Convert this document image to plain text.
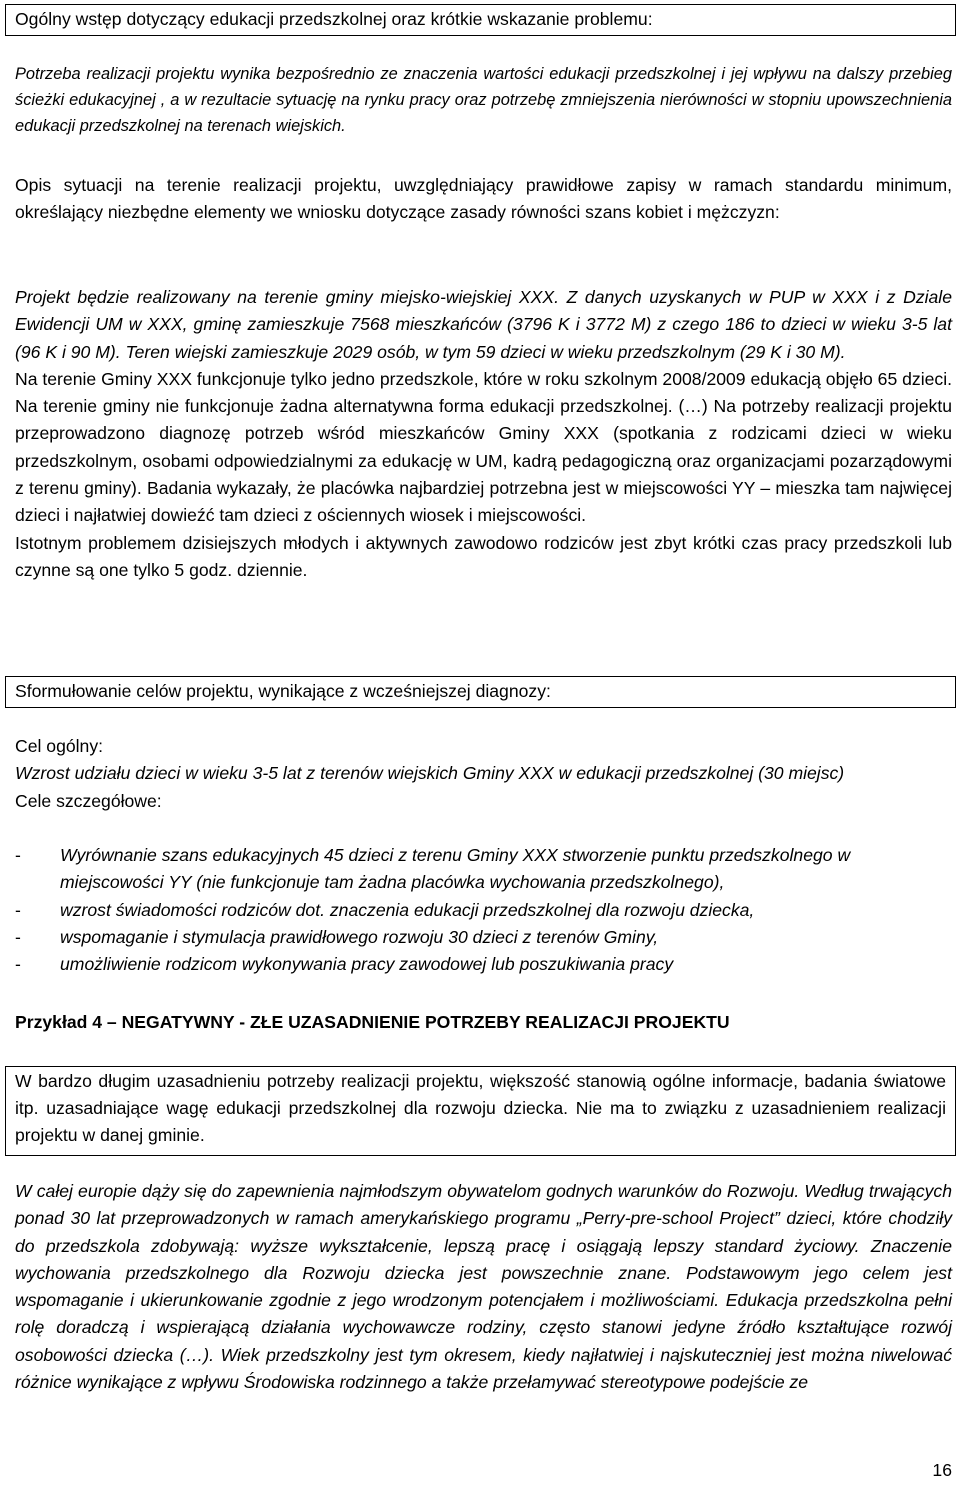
Ogólny wstęp dotyczący edukacji przedszkolnej oraz krótkie wskazanie problemu:

Potrzeba realizacji projektu wynika bezpośrednio ze znaczenia wartości edukacji przedszkolnej i jej wpływu na dalszy przebieg ścieżki edukacyjnej , a w rezultacie sytuację na rynku pracy oraz potrzebę zmniejszenia nierówności w stopniu upowszechnienia edukacji przedszkolnej na terenach wiejskich.

Opis sytuacji na terenie realizacji projektu, uwzględniający prawidłowe zapisy w ramach standardu minimum, określający niezbędne elementy we wniosku dotyczące zasady równości szans kobiet i mężczyzn:

Projekt będzie realizowany na terenie gminy miejsko-wiejskiej XXX. Z danych uzyskanych w PUP w XXX i z Dziale Ewidencji UM w XXX, gminę zamieszkuje 7568 mieszkańców (3796 K i 3772 M) z czego 186 to dzieci w wieku 3-5 lat (96 K i 90 M). Teren wiejski zamieszkuje 2029 osób, w tym 59 dzieci w wieku przedszkolnym (29 K i 30 M).
Na terenie Gminy XXX funkcjonuje tylko jedno przedszkole, które w roku szkolnym 2008/2009 edukacją objęło 65 dzieci. Na terenie gminy nie funkcjonuje żadna alternatywna forma edukacji przedszkolnej. (…) Na potrzeby realizacji projektu przeprowadzono diagnozę potrzeb wśród mieszkańców Gminy XXX (spotkania z rodzicami dzieci w wieku przedszkolnym, osobami odpowiedzialnymi za edukację w UM, kadrą pedagogiczną oraz organizacjami pozarządowymi z terenu gminy). Badania wykazały, że placówka najbardziej potrzebna jest w miejscowości YY – mieszka tam najwięcej dzieci i najłatwiej dowieźć tam dzieci z ościennych wiosek i miejscowości.
Istotnym problemem dzisiejszych młodych i aktywnych zawodowo rodziców jest zbyt krótki czas pracy przedszkoli lub czynne są one tylko 5 godz. dziennie.
Sformułowanie celów projektu, wynikające z wcześniejszej diagnozy:
Cel ogólny:
Wzrost udziału dzieci w wieku 3-5 lat z terenów wiejskich Gminy XXX w edukacji przedszkolnej (30 miejsc)
Cele szczegółowe:
- Wyrównanie szans edukacyjnych 45 dzieci z terenu Gminy XXX stworzenie punktu przedszkolnego w miejscowości YY (nie funkcjonuje tam żadna placówka wychowania przedszkolnego),
- wzrost świadomości rodziców dot. znaczenia edukacji przedszkolnej dla rozwoju dziecka,
- wspomaganie i stymulacja prawidłowego rozwoju 30 dzieci z terenów Gminy,
- umożliwienie rodzicom wykonywania pracy zawodowej lub poszukiwania pracy
Przykład 4 – NEGATYWNY - ZŁE UZASADNIENIE POTRZEBY REALIZACJI PROJEKTU
W bardzo długim uzasadnieniu potrzeby realizacji projektu, większość stanowią ogólne informacje, badania światowe itp. uzasadniające wagę edukacji przedszkolnej dla rozwoju dziecka. Nie ma to związku z uzasadnieniem realizacji projektu w danej gminie.

W całej europie dąży się do zapewnienia najmłodszym obywatelom godnych warunków do Rozwoju. Według trwających ponad 30 lat przeprowadzonych w ramach amerykańskiego programu „Perry-pre-school Project” dzieci, które chodziły do przedszkola zdobywają: wyższe wykształcenie, lepszą pracę i osiągają lepszy standard życiowy. Znaczenie wychowania przedszkolnego dla Rozwoju dziecka jest powszechnie znane. Podstawowym jego celem jest wspomaganie i ukierunkowanie zgodnie z jego wrodzonym potencjałem i możliwościami. Edukacja przedszkolna pełni rolę doradczą i wspierającą działania wychowawcze rodziny, często stanowi jedyne źródło kształtujące rozwój osobowości dziecka (…). Wiek przedszkolny jest tym okresem, kiedy najłatwiej i najskuteczniej jest można niwelować różnice wynikające z wpływu Środowiska rodzinnego a także przełamywać stereotypowe podejście ze

16
